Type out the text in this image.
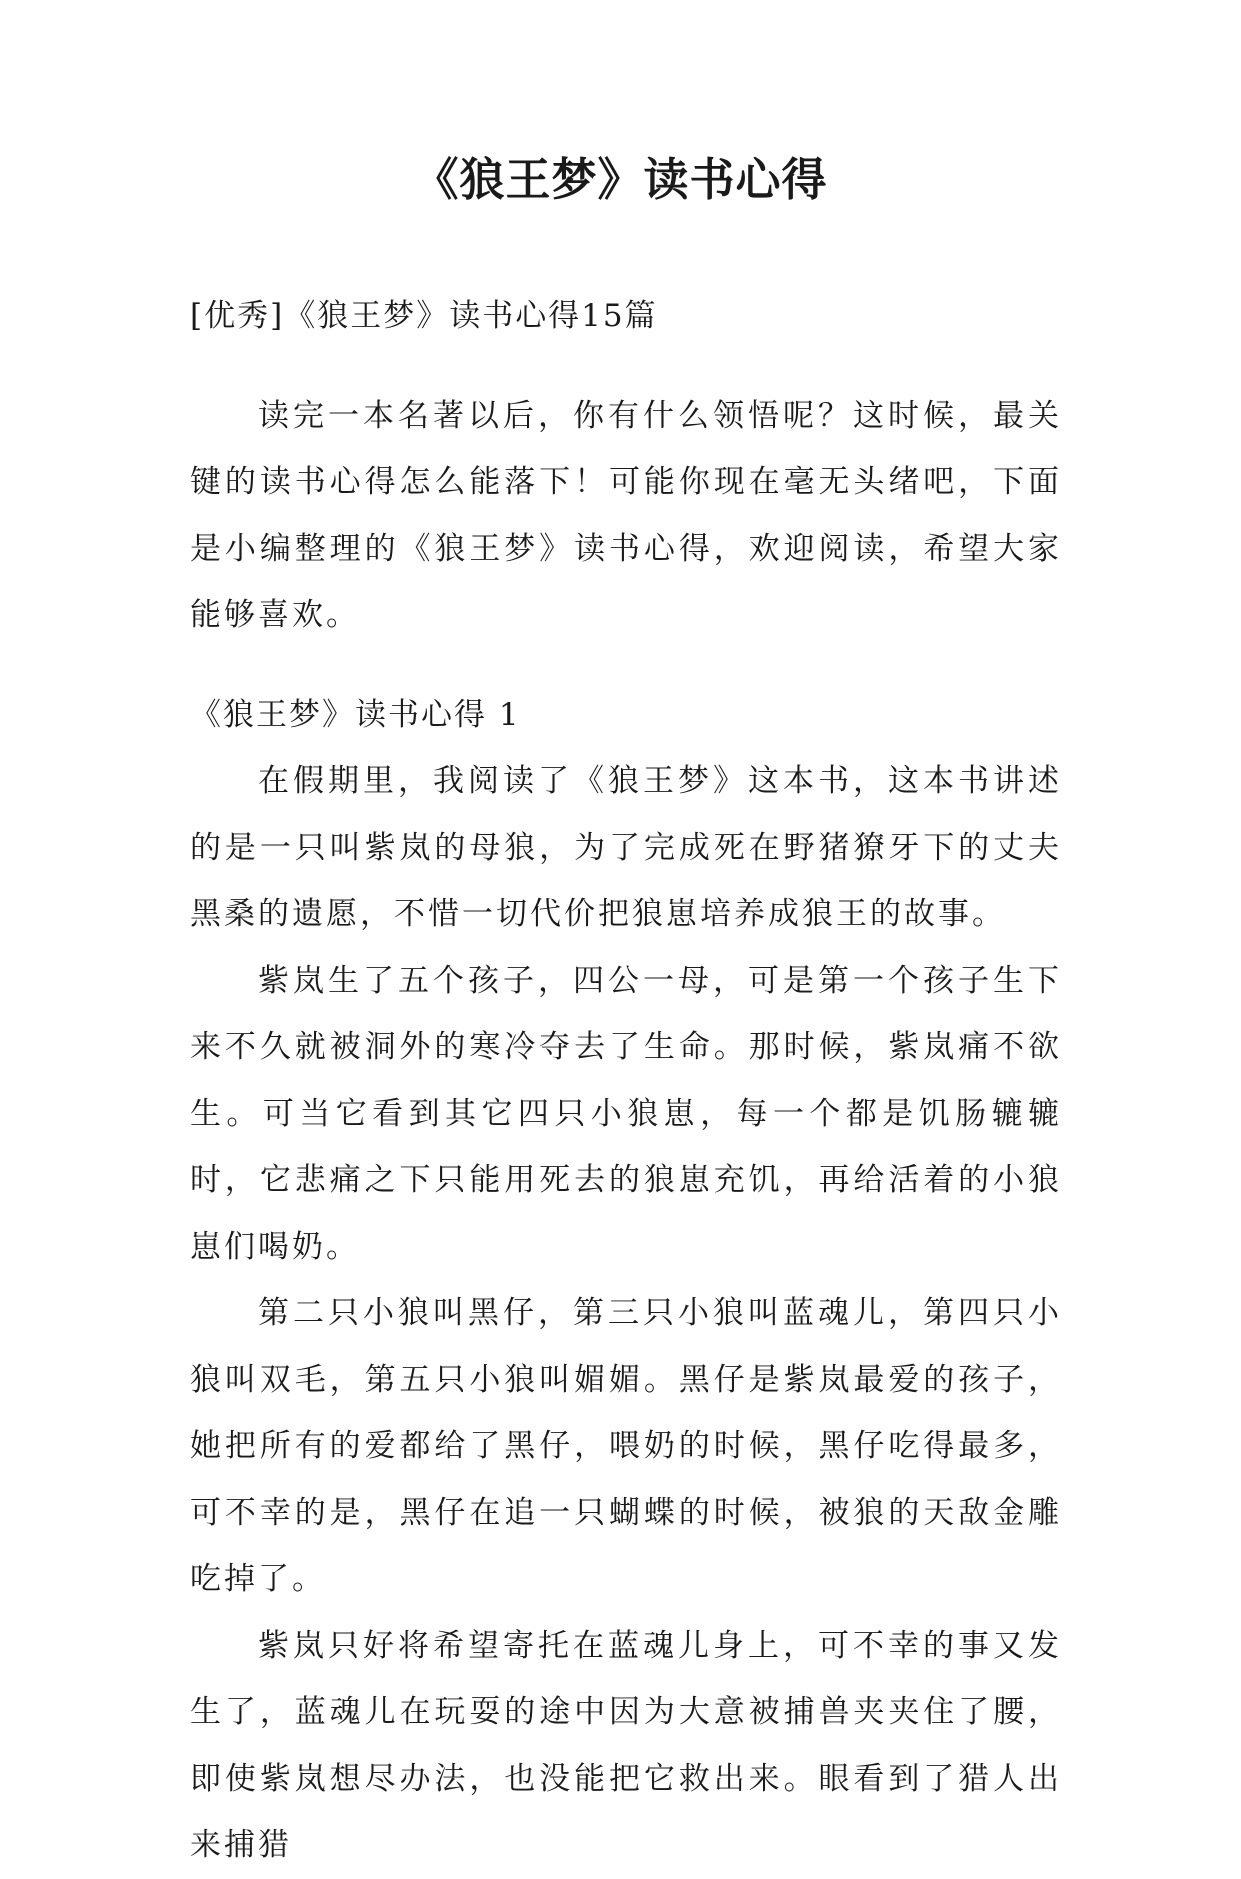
《狼王梦》读书心得

[优秀]《狼王梦》读书心得15篇

读完一本名著以后，你有什么领悟呢？这时候，最关键的读书心得怎么能落下！可能你现在毫无头绪吧，下面是小编整理的《狼王梦》读书心得，欢迎阅读，希望大家能够喜欢。

《狼王梦》读书心得 1

在假期里，我阅读了《狼王梦》这本书，这本书讲述的是一只叫紫岚的母狼，为了完成死在野猪獠牙下的丈夫黑桑的遗愿，不惜一切代价把狼崽培养成狼王的故事。

紫岚生了五个孩子，四公一母，可是第一个孩子生下来不久就被洞外的寒冷夺去了生命。那时候，紫岚痛不欲生。可当它看到其它四只小狼崽，每一个都是饥肠辘辘时，它悲痛之下只能用死去的狼崽充饥，再给活着的小狼崽们喝奶。

第二只小狼叫黑仔，第三只小狼叫蓝魂儿，第四只小狼叫双毛，第五只小狼叫媚媚。黑仔是紫岚最爱的孩子，她把所有的爱都给了黑仔，喂奶的时候，黑仔吃得最多，可不幸的是，黑仔在追一只蝴蝶的时候，被狼的天敌金雕吃掉了。

紫岚只好将希望寄托在蓝魂儿身上，可不幸的事又发生了，蓝魂儿在玩耍的途中因为大意被捕兽夹夹住了腰，即使紫岚想尽办法，也没能把它救出来。眼看到了猎人出来捕猎
